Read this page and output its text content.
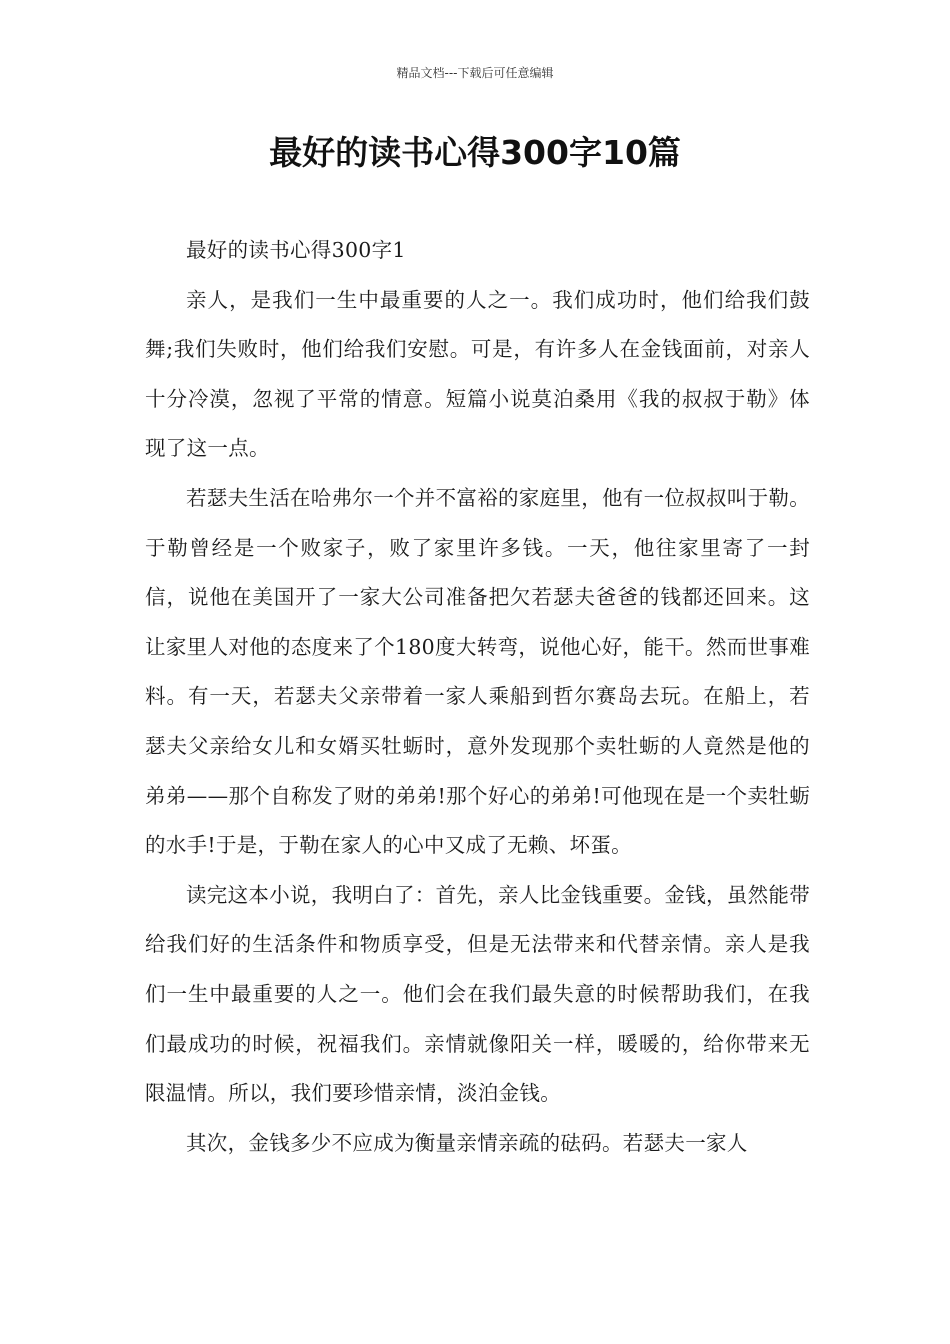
精品文档---下载后可任意编辑
最好的读书心得300字10篇

最好的读书心得300字1

亲人，是我们一生中最重要的人之一。我们成功时，他们给我们鼓舞;我们失败时，他们给我们安慰。可是，有许多人在金钱面前，对亲人十分冷漠，忽视了平常的情意。短篇小说莫泊桑用《我的叔叔于勒》体现了这一点。

若瑟夫生活在哈弗尔一个并不富裕的家庭里，他有一位叔叔叫于勒。于勒曾经是一个败家子，败了家里许多钱。一天，他往家里寄了一封信，说他在美国开了一家大公司准备把欠若瑟夫爸爸的钱都还回来。这让家里人对他的态度来了个180度大转弯，说他心好，能干。然而世事难料。有一天，若瑟夫父亲带着一家人乘船到哲尔赛岛去玩。在船上，若瑟夫父亲给女儿和女婿买牡蛎时，意外发现那个卖牡蛎的人竟然是他的弟弟——那个自称发了财的弟弟!那个好心的弟弟!可他现在是一个卖牡蛎的水手!于是，于勒在家人的心中又成了无赖、坏蛋。

读完这本小说，我明白了：首先，亲人比金钱重要。金钱，虽然能带给我们好的生活条件和物质享受，但是无法带来和代替亲情。亲人是我们一生中最重要的人之一。他们会在我们最失意的时候帮助我们，在我们最成功的时候，祝福我们。亲情就像阳关一样，暖暖的，给你带来无限温情。所以，我们要珍惜亲情，淡泊金钱。

其次，金钱多少不应成为衡量亲情亲疏的砝码。若瑟夫一家人
